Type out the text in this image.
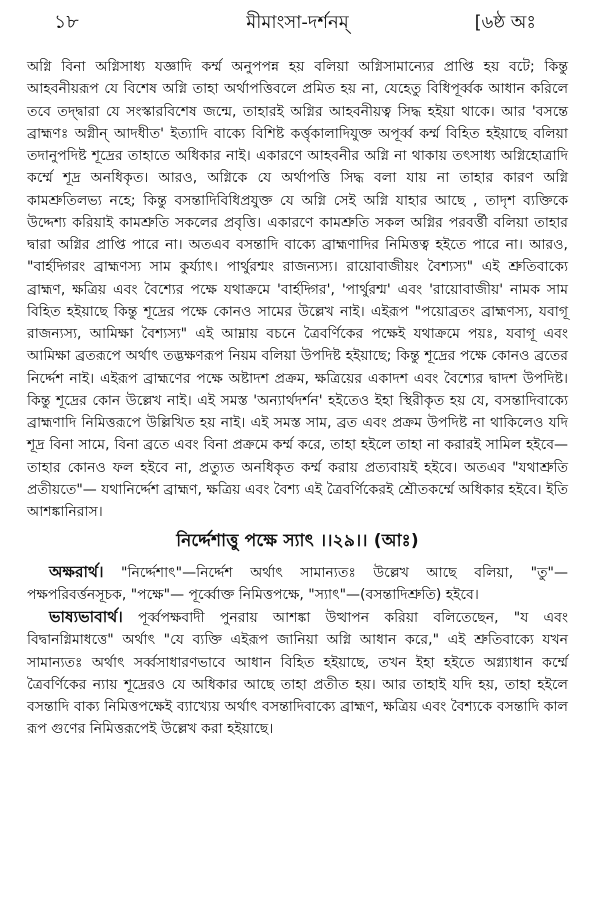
১৮	মীমাংসা-দর্শনম্	[৬ষ্ঠ অঃ

অগ্নি বিনা অগ্নিসাধ্য যজ্ঞাদি কর্ম্ম অনুপপন্ন হয় বলিয়া অগ্নিসামান্যের প্রাপ্তি হয় বটে; কিন্তু আহবনীয়রূপ যে বিশেষ অগ্নি তাহা অর্থাপত্তিবলে প্রমিত হয় না, যেহেতু বিধিপূর্ব্বক আধান করিলে তবে তদ্দ্বারা যে সংস্কারবিশেষ জন্মে, তাহারই অগ্নির আহবনীয়ত্ব সিদ্ধ হইয়া থাকে। আর 'বসন্তে ব্রাহ্মণঃ অগ্নীন্‌ আদধীত' ইত্যাদি বাক্যে বিশিষ্ট কর্ত্তৃকালাদিযুক্ত অপূর্ব্ব কর্ম্ম বিহিত হইয়াছে বলিয়া তদানুপদিষ্ট শূদ্রের তাহাতে অধিকার নাই। একারণে আহবনীর অগ্নি না থাকায় তৎসাধ্য অগ্নিহোত্রাদি কর্ম্মে শূদ্র অনধিকৃত। আরও, অগ্নিকে যে অর্থাপত্তি সিদ্ধ বলা যায় না তাহার কারণ অগ্নি কামশ্রুতিলভ্য নহে; কিন্তু বসন্তাদিবিধিপ্রযুক্ত যে অগ্নি সেই অগ্নি যাহার আছে , তাদৃশ ব্যক্তিকে উদ্দেশ্য করিয়াই কামশ্রুতি সকলের প্রবৃত্তি। একারণে কামশ্রুতি সকল অগ্নির পরবর্ত্তী বলিয়া তাহার দ্বারা অগ্নির প্রাপ্তি পারে না। অতএব বসন্তাদি বাক্যে ব্রাহ্মণাদির নিমিত্তত্ব হইতে পারে না। আরও, "বার্হদ্গিরং ব্রাহ্মণস্য সাম কুর্য্যাৎ। পার্থুরশ্মং রাজন্যস্য। রায়োবাজীয়ং বৈশ্যস্য" এই শ্রুতিবাক্যে ব্রাহ্মণ, ক্ষত্রিয় এবং বৈশ্যের পক্ষে যথাক্রমে 'বার্হদ্গির', 'পার্থুরশ্ম' এবং 'রায়োবাজীয়' নামক সাম বিহিত হইয়াছে কিন্তু শূদ্রের পক্ষে কোনও সামের উল্লেখ নাই। এইরূপ "পয়োব্রতং ব্রাহ্মণস্য, যবাগূ রাজন্যস্য, আমিক্ষা বৈশ্যস্য" এই আম্নায় বচনে ত্রৈবর্ণিকের পক্ষেই যথাক্রমে পয়ঃ, যবাগূ এবং আমিক্ষা ব্রতরূপে অর্থাৎ তদ্ভক্ষণরূপ নিয়ম বলিয়া উপদিষ্ট হইয়াছে; কিন্তু শূদ্রের পক্ষে কোনও ব্রতের নির্দ্দেশ নাই। এইরূপ ব্রাহ্মণের পক্ষে অষ্টাদশ প্রক্রম, ক্ষত্রিয়ের একাদশ এবং বৈশ্যের দ্বাদশ উপদিষ্ট। কিন্তু শূদ্রের কোন উল্লেখ নাই। এই সমস্ত 'অন্যার্থদর্শন' হইতেও ইহা স্থিরীকৃত হয় যে, বসন্তাদিবাক্যে ব্রাহ্মণাদি নিমিত্তরূপে উল্লিখিত হয় নাই। এই সমস্ত সাম, ব্রত এবং প্রক্রম উপদিষ্ট না থাকিলেও যদি শূদ্র বিনা সামে, বিনা ব্রতে এবং বিনা প্রক্রমে কর্ম্ম করে, তাহা হইলে তাহা না করারই সামিল হইবে—তাহার কোনও ফল হইবে না, প্রত্যুত অনধিকৃত কর্ম্ম করায় প্রত্যবায়ই হইবে। অতএব "যথাশ্রুতি প্রতীয়তে"— যথানির্দ্দেশ ব্রাহ্মণ, ক্ষত্রিয় এবং বৈশ্য এই ত্রৈবর্ণিকেরই শ্রৌতকর্ম্মে অধিকার হইবে। ইতি আশঙ্কানিরাস।

নির্দ্দেশাত্তু পক্ষে স্যাৎ ।।২৯।। (আঃ)

অক্ষরার্থ। "নির্দ্দেশাৎ"—নির্দ্দেশ অর্থাৎ সামান্যতঃ উল্লেখ আছে বলিয়া, "তু"—পক্ষপরিবর্ত্তনসূচক, "পক্ষে"— পূর্ব্বোক্ত নিমিত্তপক্ষে, "স্যাৎ"—(বসন্তাদিশ্রুতি) হইবে।

ভাষ্যভাবার্থ। পূর্ব্বপক্ষবাদী পুনরায় আশঙ্কা উত্থাপন করিয়া বলিতেছেন, "য এবং বিদ্বানগ্নিমাধত্তে" অর্থাৎ "যে ব্যক্তি এইরূপ জানিয়া অগ্নি আধান করে," এই শ্রুতিবাক্যে যখন সামান্যতঃ অর্থাৎ সর্ব্বসাধারণভাবে আধান বিহিত হইয়াছে, তখন ইহা হইতে অগ্ন্যাধান কর্ম্মে ত্রৈবর্ণিকের ন্যায় শূদ্রেরও যে অধিকার আছে তাহা প্রতীত হয়। আর তাহাই যদি হয়, তাহা হইলে বসন্তাদি বাক্য নিমিত্তপক্ষেই ব্যাখ্যেয় অর্থাৎ বসন্তাদিবাক্যে ব্রাহ্মণ, ক্ষত্রিয় এবং বৈশ্যকে বসন্তাদি কাল রূপ গুণের নিমিত্তরূপেই উল্লেখ করা হইয়াছে।
